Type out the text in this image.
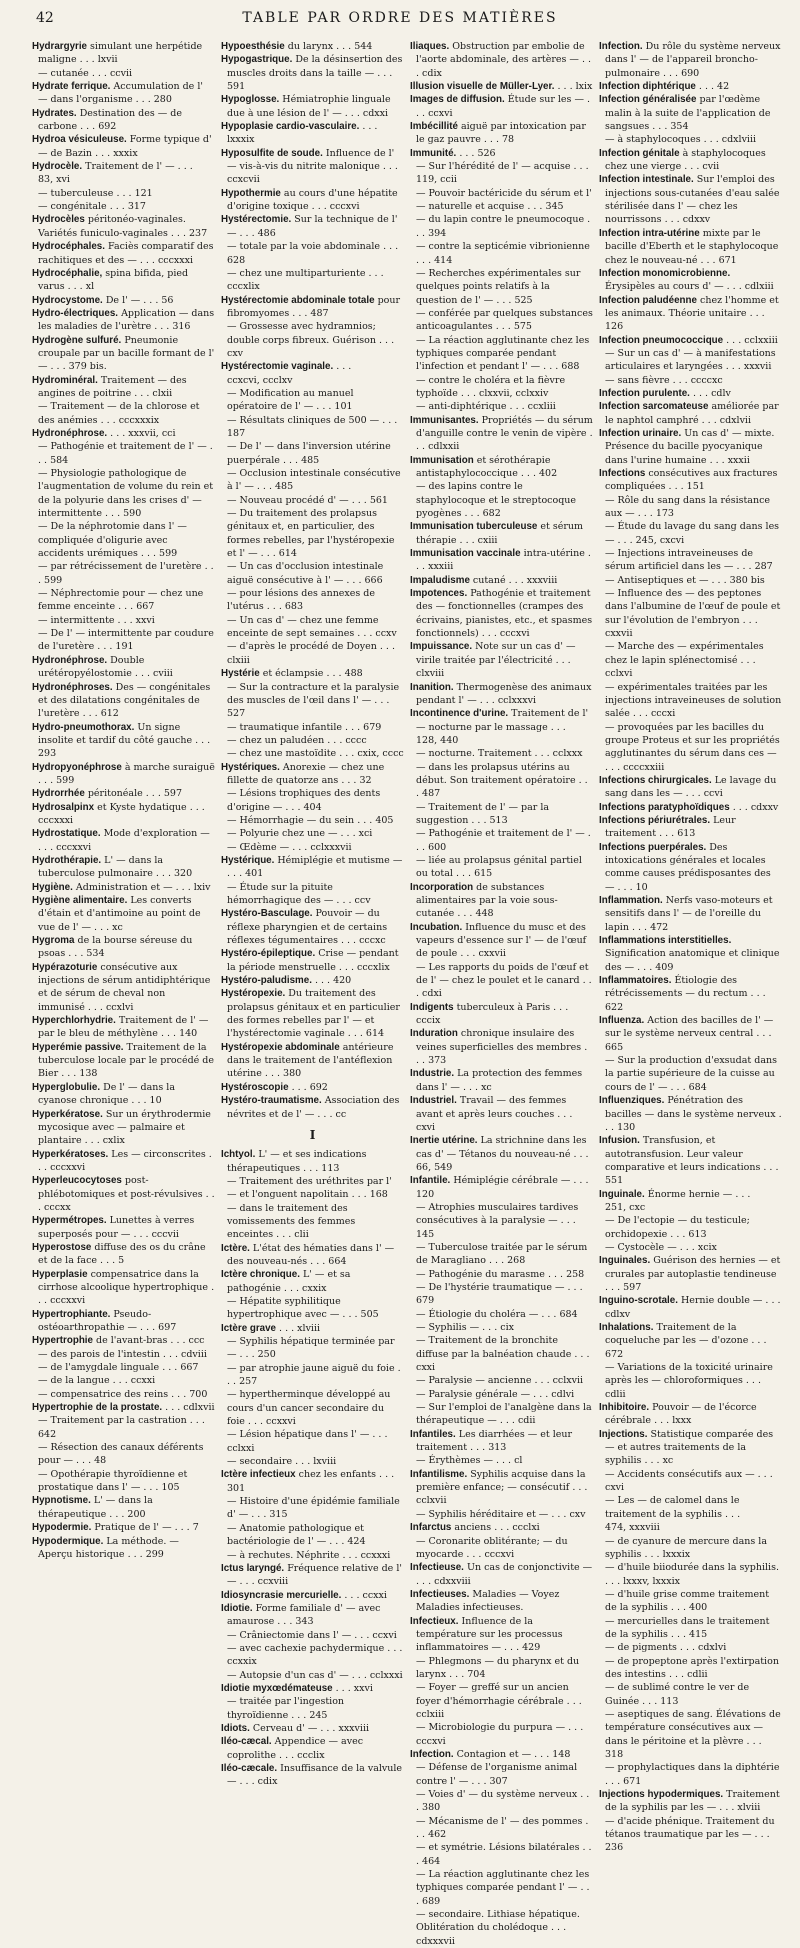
42	TABLE PAR ORDRE DES MATIÈRES

Hydrargyrie simulant une herpétide maligne . . . lxvii

— cutanée . . . ccvii

Hydrate ferrique. Accumulation de l' — dans l'organisme . . . 280

Hydrates. Destination des — de carbone . . . 692

Hydroa vésiculeuse. Forme typique d' — de Bazin . . . xxxix

Hydrocèle. Traitement de l' — . . . 83, xvi

— tuberculeuse . . . 121

— congénitale . . . 317

Hydrocèles péritonéo-vaginales. Variétés funiculo-vaginales . . . 237

Hydrocéphales. Faciès comparatif des rachitiques et des — . . . cccxxxi

Hydrocéphalie, spina bifida, pied varus . . . xl

Hydrocystome. De l' — . . . 56

Hydro-électriques. Application — dans les maladies de l'urètre . . . 316

Hydrogène sulfuré. Pneumonie croupale par un bacille formant de l' — . . . 379 bis.

Hydrominéral. Traitement — des angines de poitrine . . . clxii

— Traitement — de la chlorose et des anémies . . . cccxxxix

Hydronéphrose. . . . xxxvii, cci

— Pathogénie et traitement de l' — . . . 584

— Physiologie pathologique de l'augmentation de volume du rein et de la polyurie dans les crises d' — intermittente . . . 590

— De la néphrotomie dans l' — compliquée d'oligurie avec accidents urémiques . . . 599

— par rétrécissement de l'uretère . . . 599

— Néphrectomie pour — chez une femme enceinte . . . 667

— intermittente . . . xxvi

— De l' — intermittente par coudure de l'uretère . . . 191

Hydronéphrose. Double urétéropyélostomie . . . cviii

Hydronéphroses. Des — congénitales et des dilatations congénitales de l'uretère . . . 612

Hydro-pneumothorax. Un signe insolite et tardif du côté gauche . . . 293

Hydropyonéphrose à marche suraiguë . . . 599

Hydrorrhée péritonéale . . . 597

Hydrosalpinx et Kyste hydatique . . . cccxxxi

Hydrostatique. Mode d'exploration — . . . cccxxvi

Hydrothérapie. L' — dans la tuberculose pulmonaire . . . 320

Hygiène. Administration et — . . . lxiv

Hygiène alimentaire. Les converts d'étain et d'antimoine au point de vue de l' — . . . xc

Hygroma de la bourse séreuse du psoas . . . 534

Hypérazoturie consécutive aux injections de sérum antidiphtérique et de sérum de cheval non immunisé . . . ccxlvi

Hyperchlorhydrie. Traitement de l' — par le bleu de méthylène . . . 140

Hyperémie passive. Traitement de la tuberculose locale par le procédé de Bier . . . 138

Hyperglobulie. De l' — dans la cyanose chronique . . . 10

Hyperkératose. Sur un érythrodermie mycosique avec — palmaire et plantaire . . . cxlix

Hyperkératoses. Les — circonscrites . . . cccxxvi

Hyperleucocytoses post-phlébotomiques et post-révulsives . . . cccxx

Hypermétropes. Lunettes à verres superposés pour — . . . cccvii

Hyperostose diffuse des os du crâne et de la face . . . 5

Hyperplasie compensatrice dans la cirrhose alcoolique hypertrophique . . . cccxxvi

Hypertrophiante. Pseudo-ostéoarthropathie — . . . 697

Hypertrophie de l'avant-bras . . . ccc

— des parois de l'intestin . . . cdviii

— de l'amygdale linguale . . . 667

— de la langue . . . ccxxi

— compensatrice des reins . . . 700

Hypertrophie de la prostate. . . . cdlxvii

— Traitement par la castration . . . 642

— Résection des canaux déférents pour — . . . 48

— Opothérapie thyroïdienne et prostatique dans l' — . . . 105

Hypnotisme. L' — dans la thérapeutique . . . 200

Hypodermie. Pratique de l' — . . . 7

Hypodermique. La méthode. — Aperçu historique . . . 299

Hypoesthésie du larynx . . . 544

Hypogastrique. De la désinsertion des muscles droits dans la taille — . . . 591

Hypoglosse. Hémiatrophie linguale due à une lésion de l' — . . . cdxxi

Hypoplasie cardio-vasculaire. . . . lxxxix

Hyposulfite de soude. Influence de l' — vis-à-vis du nitrite malonique . . . ccxcvii

Hypothermie au cours d'une hépatite d'origine toxique . . . cccxvi

Hystérectomie. Sur la technique de l' — . . . 486

— totale par la voie abdominale . . . 628

— chez une multiparturiente . . . cccxlix

Hystérectomie abdominale totale pour fibromyomes . . . 487

— Grossesse avec hydramnios; double corps fibreux. Guérison . . . cxv

Hystérectomie vaginale. . . . ccxcvi, ccclxv

— Modification au manuel opératoire de l' — . . . 101

— Résultats cliniques de 500 — . . . 187

— De l' — dans l'inversion utérine puerpérale . . . 485

— Occlusion intestinale consécutive à l' — . . . 485

— Nouveau procédé d' — . . . 561

— Du traitement des prolapsus génitaux et, en particulier, des formes rebelles, par l'hystéropexie et l' — . . . 614

— Un cas d'occlusion intestinale aiguë consécutive à l' — . . . 666

— pour lésions des annexes de l'utérus . . . 683

— Un cas d' — chez une femme enceinte de sept semaines . . . ccxv

— d'après le procédé de Doyen . . . clxiii

Hystérie et éclampsie . . . 488

— Sur la contracture et la paralysie des muscles de l'œil dans l' — . . . 527

— traumatique infantile . . . 679

— chez un paludéen . . . cccc

— chez une mastoïdite . . . cxix, cccc

Hystériques. Anorexie — chez une fillette de quatorze ans . . . 32

— Lésions trophiques des dents d'origine — . . . 404

— Hémorrhagie — du sein . . . 405

— Polyurie chez une — . . . xci

— Œdème — . . . cclxxxvii

Hystérique. Hémiplégie et mutisme — . . . 401

— Étude sur la pituite hémorrhagique des — . . . ccv

Hystéro-Basculage. Pouvoir — du réflexe pharyngien et de certains réflexes tégumentaires . . . cccxc

Hystéro-épileptique. Crise — pendant la période menstruelle . . . cccxlix

Hystéro-paludisme. . . . 420

Hystéropexie. Du traitement des prolapsus génitaux et en particulier des formes rebelles par l' — et l'hystérectomie vaginale . . . 614

Hystéropexie abdominale antérieure dans le traitement de l'antéflexion utérine . . . 380

Hystéroscopie . . . 692

Hystéro-traumatisme. Association des névrites et de l' — . . . cc

I

Ichtyol. L' — et ses indications thérapeutiques . . . 113

— Traitement des uréthrites par l' — et l'onguent napolitain . . . 168

— dans le traitement des vomissements des femmes enceintes . . . clii

Ictère. L'état des hématies dans l' — des nouveau-nés . . . 664

Ictère chronique. L' — et sa pathogénie . . . cxxix

— Hépatite syphilitique hypertrophique avec — . . . 505

Ictère grave . . . xlviii

— Syphilis hépatique terminée par — . . . 250

— par atrophie jaune aiguë du foie . . . 257

— hypertherminque développé au cours d'un cancer secondaire du foie . . . ccxxvi

— Lésion hépatique dans l' — . . . cclxxi

— secondaire . . . lxviii

Ictère infectieux chez les enfants . . . 301

— Histoire d'une épidémie familiale d' — . . . 315

— Anatomie pathologique et bactériologie de l' — . . . 424

— à rechutes. Néphrite . . . ccxxxi

Ictus laryngé. Fréquence relative de l' — . . . ccxviii

Idiosyncrasie mercurielle. . . . ccxxi

Idiotie. Forme familiale d' — avec amaurose . . . 343

— Crâniectomie dans l' — . . . ccxvi

— avec cachexie pachydermique . . . ccxxix

— Autopsie d'un cas d' — . . . cclxxxi

Idiotie myxœdémateuse . . . xxvi

— traitée par l'ingestion thyroïdienne . . . 245

Idiots. Cerveau d' — . . . xxxviii

Iléo-cæcal. Appendice — avec coprolithe . . . ccclix

Iléo-cæcale. Insuffisance de la valvule — . . . cdix

Iliaques. Obstruction par embolie de l'aorte abdominale, des artères — . . . cdix

Illusion visuelle de Müller-Lyer. . . . lxix

Images de diffusion. Étude sur les — . . . ccxvi

Imbécillité aiguë par intoxication par le gaz pauvre . . . 78

Immunité. . . . 526

— Sur l'hérédité de l' — acquise . . . 119, ccii

— Pouvoir bactéricide du sérum et l' — naturelle et acquise . . . 345

— du lapin contre le pneumocoque . . . 394

— contre la septicémie vibrionienne . . . 414

— Recherches expérimentales sur quelques points relatifs à la question de l' — . . . 525

— conférée par quelques substances anticoagulantes . . . 575

— La réaction agglutinante chez les typhiques comparée pendant l'infection et pendant l' — . . . 688

— contre le choléra et la fièvre typhoïde . . . clxxvii, cclxxiv

— anti-diphtérique . . . ccxliii

Immunisantes. Propriétés — du sérum d'anguille contre le venin de vipère . . . cdlxxii

Immunisation et sérothérapie antistaphylococcique . . . 402

— des lapins contre le staphylocoque et le streptocoque pyogènes . . . 682

Immunisation tuberculeuse et sérum thérapie . . . cxiii

Immunisation vaccinale intra-utérine . . . xxxiii

Impaludisme cutané . . . xxxviii

Impotences. Pathogénie et traitement des — fonctionnelles (crampes des écrivains, pianistes, etc., et spasmes fonctionnels) . . . cccxvi

Impuissance. Note sur un cas d' — virile traitée par l'électricité . . . clxviii

Inanition. Thermogenèse des animaux pendant l' — . . . cclxxxvi

Incontinence d'urine. Traitement de l' — nocturne par le massage . . . 128, 440

— nocturne. Traitement . . . cclxxx

— dans les prolapsus utérins au début. Son traitement opératoire . . . 487

— Traitement de l' — par la suggestion . . . 513

— Pathogénie et traitement de l' — . . . 600

— liée au prolapsus génital partiel ou total . . . 615

Incorporation de substances alimentaires par la voie sous-cutanée . . . 448

Incubation. Influence du musc et des vapeurs d'essence sur l' — de l'œuf de poule . . . cxxvii

— Les rapports du poids de l'œuf et de l' — chez le poulet et le canard . . . cdxi

Indigents tuberculeux à Paris . . . cccix

Induration chronique insulaire des veines superficielles des membres . . . 373

Industrie. La protection des femmes dans l' — . . . xc

Industriel. Travail — des femmes avant et après leurs couches . . . cxvi

Inertie utérine. La strichnine dans les cas d' — Tétanos du nouveau-né . . . 66, 549

Infantile. Hémiplégie cérébrale — . . . 120

— Atrophies musculaires tardives consécutives à la paralysie — . . . 145

— Tuberculose traitée par le sérum de Maragliano . . . 268

— Pathogénie du marasme . . . 258

— De l'hystérie traumatique — . . . 679

— Étiologie du choléra — . . . 684

— Syphilis — . . . cix

— Traitement de la bronchite diffuse par la balnéation chaude . . . cxxi

— Paralysie — ancienne . . . cclxvii

— Paralysie générale — . . . cdlvi

— Sur l'emploi de l'analgène dans la thérapeutique — . . . cdii

Infantiles. Les diarrhées — et leur traitement . . . 313

— Érythèmes — . . . cl

Infantilisme. Syphilis acquise dans la première enfance; — consécutif . . . cclxvii

— Syphilis héréditaire et — . . . cxv

Infarctus anciens . . . ccclxi

— Coronarite oblitérante; — du myocarde . . . cccxvi

Infectieuse. Un cas de conjonctivite — . . . cdxxviii

Infectieuses. Maladies — Voyez Maladies infectieuses.

Infectieux. Influence de la température sur les processus inflammatoires — . . . 429

— Phlegmons — du pharynx et du larynx . . . 704

— Foyer — greffé sur un ancien foyer d'hémorrhagie cérébrale . . . cclxiii

— Microbiologie du purpura — . . . cccxvi

Infection. Contagion et — . . . 148

— Défense de l'organisme animal contre l' — . . . 307

— Voies d' — du système nerveux . . . 380

— Mécanisme de l' — des pommes . . . 462

— et symétrie. Lésions bilatérales . . . 464

— La réaction agglutinante chez les typhiques comparée pendant l' — . . . 689

— secondaire. Lithiase hépatique. Oblitération du cholédoque . . . cdxxxvii

Infection. Du rôle du système nerveux dans l' — de l'appareil broncho-pulmonaire . . . 690

Infection diphtérique . . . 42

Infection généralisée par l'œdème malin à la suite de l'application de sangsues . . . 354

— à staphylocoques . . . cdxlviii

Infection génitale à staphylocoques chez une vierge . . . cvii

Infection intestinale. Sur l'emploi des injections sous-cutanées d'eau salée stérilisée dans l' — chez les nourrissons . . . cdxxv

Infection intra-utérine mixte par le bacille d'Eberth et le staphylocoque chez le nouveau-né . . . 671

Infection monomicrobienne. Érysipèles au cours d' — . . . cdlxiii

Infection paludéenne chez l'homme et les animaux. Théorie unitaire . . . 126

Infection pneumococcique . . . cclxxiii

— Sur un cas d' — à manifestations articulaires et laryngées . . . xxxvii

— sans fièvre . . . ccccxc

Infection purulente. . . . cdlv

Infection sarcomateuse améliorée par le naphtol camphré . . . cdxlvii

Infection urinaire. Un cas d' — mixte. Présence du bacille pyocyanique dans l'urine humaine . . . xxxii

Infections consécutives aux fractures compliquées . . . 151

— Rôle du sang dans la résistance aux — . . . 173

— Étude du lavage du sang dans les — . . . 245, cxcvi

— Injections intraveineuses de sérum artificiel dans les — . . . 287

— Antiseptiques et — . . . 380 bis

— Influence des — des peptones dans l'albumine de l'œuf de poule et sur l'évolution de l'embryon . . . cxxvii

— Marche des — expérimentales chez le lapin splénectomisé . . . cclxvi

— expérimentales traitées par les injections intraveineuses de solution salée . . . cccxi

— provoquées par les bacilles du groupe Proteus et sur les propriétés agglutinantes du sérum dans ces — . . . ccccxxiii

Infections chirurgicales. Le lavage du sang dans les — . . . ccvi

Infections paratyphoïdiques . . . cdxxv

Infections périurétrales. Leur traitement . . . 613

Infections puerpérales. Des intoxications générales et locales comme causes prédisposantes des — . . . 10

Inflammation. Nerfs vaso-moteurs et sensitifs dans l' — de l'oreille du lapin . . . 472

Inflammations interstitielles. Signification anatomique et clinique des — . . . 409

Inflammatoires. Étiologie des rétrécissements — du rectum . . . 622

Influenza. Action des bacilles de l' — sur le système nerveux central . . . 665

— Sur la production d'exsudat dans la partie supérieure de la cuisse au cours de l' — . . . 684

Influenziques. Pénétration des bacilles — dans le système nerveux . . . 130

Infusion. Transfusion, et autotransfusion. Leur valeur comparative et leurs indications . . . 551

Inguinale. Énorme hernie — . . . 251, cxc

— De l'ectopie — du testicule; orchidopexie . . . 613

— Cystocèle — . . . xcix

Inguinales. Guérison des hernies — et crurales par autoplastie tendineuse . . . 597

Inguino-scrotale. Hernie double — . . . cdlxv

Inhalations. Traitement de la coqueluche par les — d'ozone . . . 672

— Variations de la toxicité urinaire après les — chloroformiques . . . cdlii

Inhibitoire. Pouvoir — de l'écorce cérébrale . . . lxxx

Injections. Statistique comparée des — et autres traitements de la syphilis . . . xc

— Accidents consécutifs aux — . . . cxvi

— Les — de calomel dans le traitement de la syphilis . . . 474, xxxviii

— de cyanure de mercure dans la syphilis . . . lxxxix

— d'huile biiodurée dans la syphilis. . . . lxxxv, lxxxix

— d'huile grise comme traitement de la syphilis . . . 400

— mercurielles dans le traitement de la syphilis . . . 415

— de pigments . . . cdxlvi

— de propeptone après l'extirpation des intestins . . . cdlii

— de sublimé contre le ver de Guinée . . . 113

— aseptiques de sang. Élévations de température consécutives aux — dans le péritoine et la plèvre . . . 318

— prophylactiques dans la diphtérie . . . 671

Injections hypodermiques. Traitement de la syphilis par les — . . . xlviii

— d'acide phénique. Traitement du tétanos traumatique par les — . . . 236
